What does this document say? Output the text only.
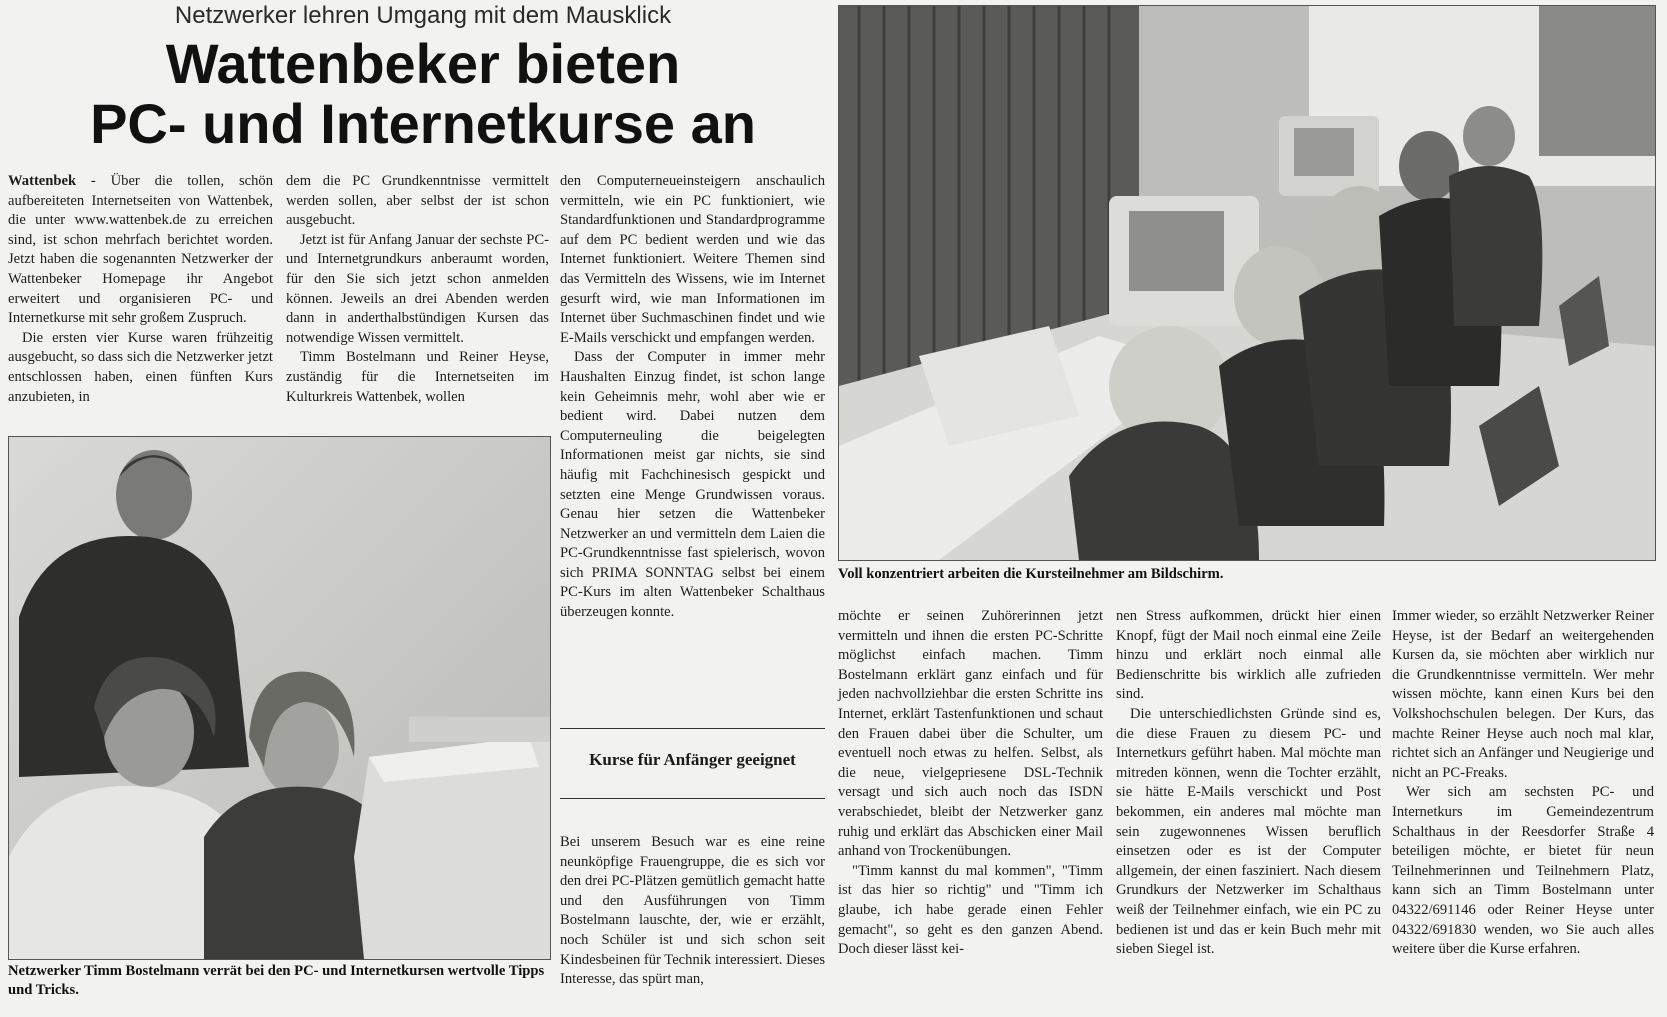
Netzwerker lehren Umgang mit dem Mausklick
Wattenbeker bieten
PC- und Internetkurse an

Wattenbek - Über die tollen, schön aufbereiteten Internetseiten von Wattenbek, die unter www.wattenbek.de zu erreichen sind, ist schon mehrfach berichtet worden. Jetzt haben die sogenannten Netzwerker der Wattenbeker Homepage ihr Angebot erweitert und organisieren PC- und Internetkurse mit sehr großem Zuspruch.

Die ersten vier Kurse waren frühzeitig ausgebucht, so dass sich die Netzwerker jetzt entschlossen haben, einen fünften Kurs anzubieten, in

dem die PC Grundkenntnisse vermittelt werden sollen, aber selbst der ist schon ausgebucht.

Jetzt ist für Anfang Januar der sechste PC- und Internetgrundkurs anberaumt worden, für den Sie sich jetzt schon anmelden können. Jeweils an drei Abenden werden dann in anderthalbstündigen Kursen das notwendige Wissen vermittelt.

Timm Bostelmann und Reiner Heyse, zuständig für die Internetseiten im Kulturkreis Wattenbek, wollen

Netzwerker Timm Bostelmann verrät bei den PC- und Internetkursen wertvolle Tipps und Tricks.

den Computerneueinsteigern anschaulich vermitteln, wie ein PC funktioniert, wie Standardfunktionen und Standardprogramme auf dem PC bedient werden und wie das Internet funktioniert. Weitere Themen sind das Vermitteln des Wissens, wie im Internet gesurft wird, wie man Informationen im Internet über Suchmaschinen findet und wie E-Mails verschickt und empfangen werden.

Dass der Computer in immer mehr Haushalten Einzug findet, ist schon lange kein Geheimnis mehr, wohl aber wie er bedient wird. Dabei nutzen dem Computerneuling die beigelegten Informationen meist gar nichts, sie sind häufig mit Fachchinesisch gespickt und setzten eine Menge Grundwissen voraus. Genau hier setzen die Wattenbeker Netzwerker an und vermitteln dem Laien die PC-Grundkenntnisse fast spielerisch, wovon sich PRIMA SONNTAG selbst bei einem PC-Kurs im alten Wattenbeker Schalthaus überzeugen konnte.

Kurse für Anfänger geeignet

Bei unserem Besuch war es eine reine neunköpfige Frauengruppe, die es sich vor den drei PC-Plätzen gemütlich gemacht hatte und den Ausführungen von Timm Bostelmann lauschte, der, wie er erzählt, noch Schüler ist und sich schon seit Kindesbeinen für Technik interessiert. Dieses Interesse, das spürt man,

Voll konzentriert arbeiten die Kursteilnehmer am Bildschirm.

möchte er seinen Zuhörerinnen jetzt vermitteln und ihnen die ersten PC-Schritte möglichst einfach machen. Timm Bostelmann erklärt ganz einfach und für jeden nachvollziehbar die ersten Schritte ins Internet, erklärt Tastenfunktionen und schaut den Frauen dabei über die Schulter, um eventuell noch etwas zu helfen. Selbst, als die neue, vielgepriesene DSL-Technik versagt und sich auch noch das ISDN verabschiedet, bleibt der Netzwerker ganz ruhig und erklärt das Abschicken einer Mail anhand von Trockenübungen.

"Timm kannst du mal kommen", "Timm ist das hier so richtig" und "Timm ich glaube, ich habe gerade einen Fehler gemacht", so geht es den ganzen Abend. Doch dieser lässt kei-

nen Stress aufkommen, drückt hier einen Knopf, fügt der Mail noch einmal eine Zeile hinzu und erklärt noch einmal alle Bedienschritte bis wirklich alle zufrieden sind.

Die unterschiedlichsten Gründe sind es, die diese Frauen zu diesem PC- und Internetkurs geführt haben. Mal möchte man mitreden können, wenn die Tochter erzählt, sie hätte E-Mails verschickt und Post bekommen, ein anderes mal möchte man sein zugewonnenes Wissen beruflich einsetzen oder es ist der Computer allgemein, der einen fasziniert. Nach diesem Grundkurs der Netzwerker im Schalthaus weiß der Teilnehmer einfach, wie ein PC zu bedienen ist und das er kein Buch mehr mit sieben Siegel ist.

Immer wieder, so erzählt Netzwerker Reiner Heyse, ist der Bedarf an weitergehenden Kursen da, sie möchten aber wirklich nur die Grundkenntnisse vermitteln. Wer mehr wissen möchte, kann einen Kurs bei den Volkshochschulen belegen. Der Kurs, das machte Reiner Heyse auch noch mal klar, richtet sich an Anfänger und Neugierige und nicht an PC-Freaks.

Wer sich am sechsten PC- und Internetkurs im Gemeindezentrum Schalthaus in der Reesdorfer Straße 4 beteiligen möchte, er bietet für neun Teilnehmerinnen und Teilnehmern Platz, kann sich an Timm Bostelmann unter 04322/691146 oder Reiner Heyse unter 04322/691830 wenden, wo Sie auch alles weitere über die Kurse erfahren.
